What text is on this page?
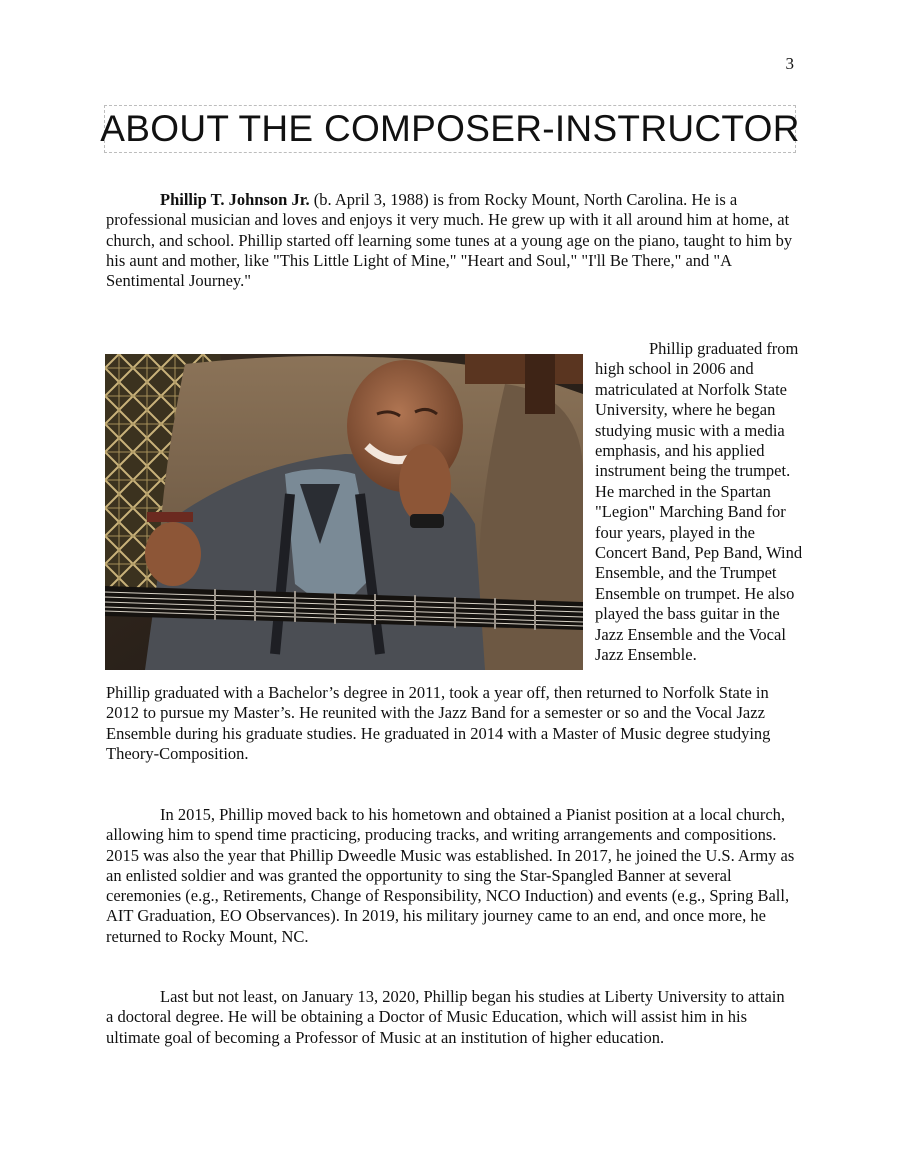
3
ABOUT THE COMPOSER-INSTRUCTOR

Phillip T. Johnson Jr. (b. April 3, 1988) is from Rocky Mount, North Carolina. He is a professional musician and loves and enjoys it very much. He grew up with it all around him at home, at church, and school. Phillip started off learning some tunes at a young age on the piano, taught to him by his aunt and mother, like "This Little Light of Mine," "Heart and Soul," "I'll Be There," and "A Sentimental Journey."

Phillip graduated from high school in 2006 and matriculated at Norfolk State University, where he began studying music with a media emphasis, and his applied instrument being the trumpet. He marched in the Spartan "Legion" Marching Band for four years, played in the Concert Band, Pep Band, Wind Ensemble, and the Trumpet Ensemble on trumpet. He also played the bass guitar in the Jazz Ensemble and the Vocal Jazz Ensemble.

Phillip graduated with a Bachelor’s degree in 2011, took a year off, then returned to Norfolk State in 2012 to pursue my Master’s. He reunited with the Jazz Band for a semester or so and the Vocal Jazz Ensemble during his graduate studies. He graduated in 2014 with a Master of Music degree studying Theory-Composition.

In 2015, Phillip moved back to his hometown and obtained a Pianist position at a local church, allowing him to spend time practicing, producing tracks, and writing arrangements and compositions. 2015 was also the year that Phillip Dweedle Music was established. In 2017, he joined the U.S. Army as an enlisted soldier and was granted the opportunity to sing the Star-Spangled Banner at several ceremonies (e.g., Retirements, Change of Responsibility, NCO Induction) and events (e.g., Spring Ball, AIT Graduation, EO Observances). In 2019, his military journey came to an end, and once more, he returned to Rocky Mount, NC.

Last but not least, on January 13, 2020, Phillip began his studies at Liberty University to attain a doctoral degree. He will be obtaining a Doctor of Music Education, which will assist him in his ultimate goal of becoming a Professor of Music at an institution of higher education.
